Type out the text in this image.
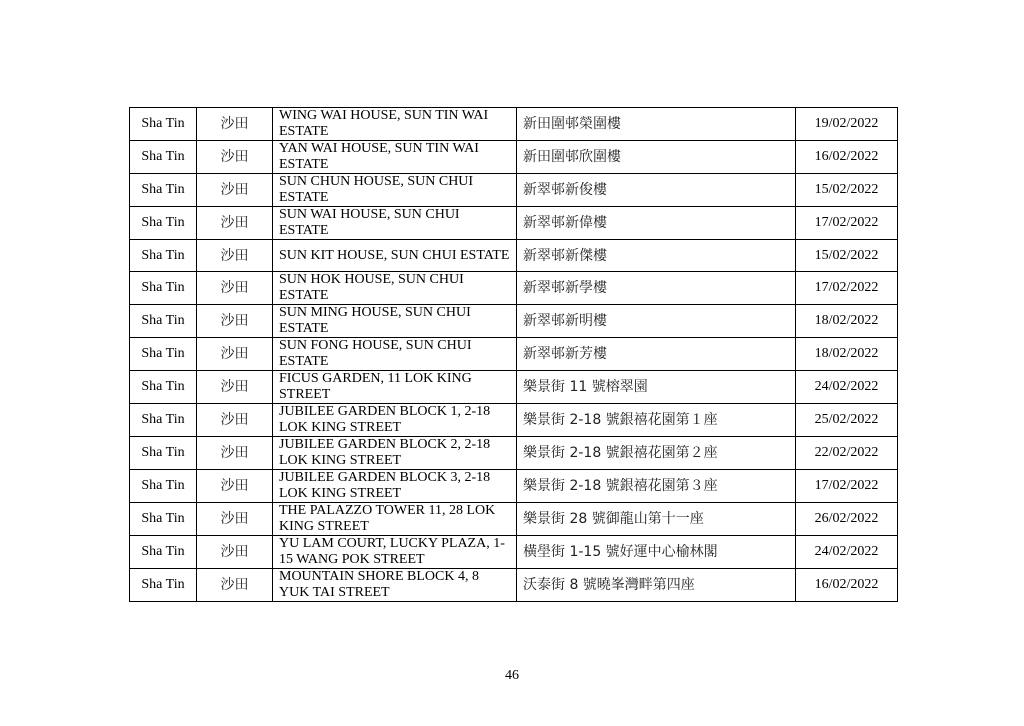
Sha Tin	沙田	WING WAI HOUSE, SUN TIN WAI ESTATE	新田圍邨榮圍樓	19/02/2022
Sha Tin	沙田	YAN WAI HOUSE, SUN TIN WAI ESTATE	新田圍邨欣圍樓	16/02/2022
Sha Tin	沙田	SUN CHUN HOUSE, SUN CHUI ESTATE	新翠邨新俊樓	15/02/2022
Sha Tin	沙田	SUN WAI HOUSE, SUN CHUI ESTATE	新翠邨新偉樓	17/02/2022
Sha Tin	沙田	SUN KIT HOUSE, SUN CHUI ESTATE	新翠邨新傑樓	15/02/2022
Sha Tin	沙田	SUN HOK HOUSE, SUN CHUI ESTATE	新翠邨新學樓	17/02/2022
Sha Tin	沙田	SUN MING HOUSE, SUN CHUI ESTATE	新翠邨新明樓	18/02/2022
Sha Tin	沙田	SUN FONG HOUSE, SUN CHUI ESTATE	新翠邨新芳樓	18/02/2022
Sha Tin	沙田	FICUS GARDEN, 11 LOK KING STREET	樂景街 11 號榕翠園	24/02/2022
Sha Tin	沙田	JUBILEE GARDEN BLOCK 1, 2-18 LOK KING STREET	樂景街 2-18 號銀禧花園第１座	25/02/2022
Sha Tin	沙田	JUBILEE GARDEN BLOCK 2, 2-18 LOK KING STREET	樂景街 2-18 號銀禧花園第２座	22/02/2022
Sha Tin	沙田	JUBILEE GARDEN BLOCK 3, 2-18 LOK KING STREET	樂景街 2-18 號銀禧花園第３座	17/02/2022
Sha Tin	沙田	THE PALAZZO TOWER 11, 28 LOK KING STREET	樂景街 28 號御龍山第十一座	26/02/2022
Sha Tin	沙田	YU LAM COURT, LUCKY PLAZA, 1-15 WANG POK STREET	橫壆街 1-15 號好運中心榆林閣	24/02/2022
Sha Tin	沙田	MOUNTAIN SHORE BLOCK 4, 8 YUK TAI STREET	沃泰街 8 號曉峯灣畔第四座	16/02/2022
46
